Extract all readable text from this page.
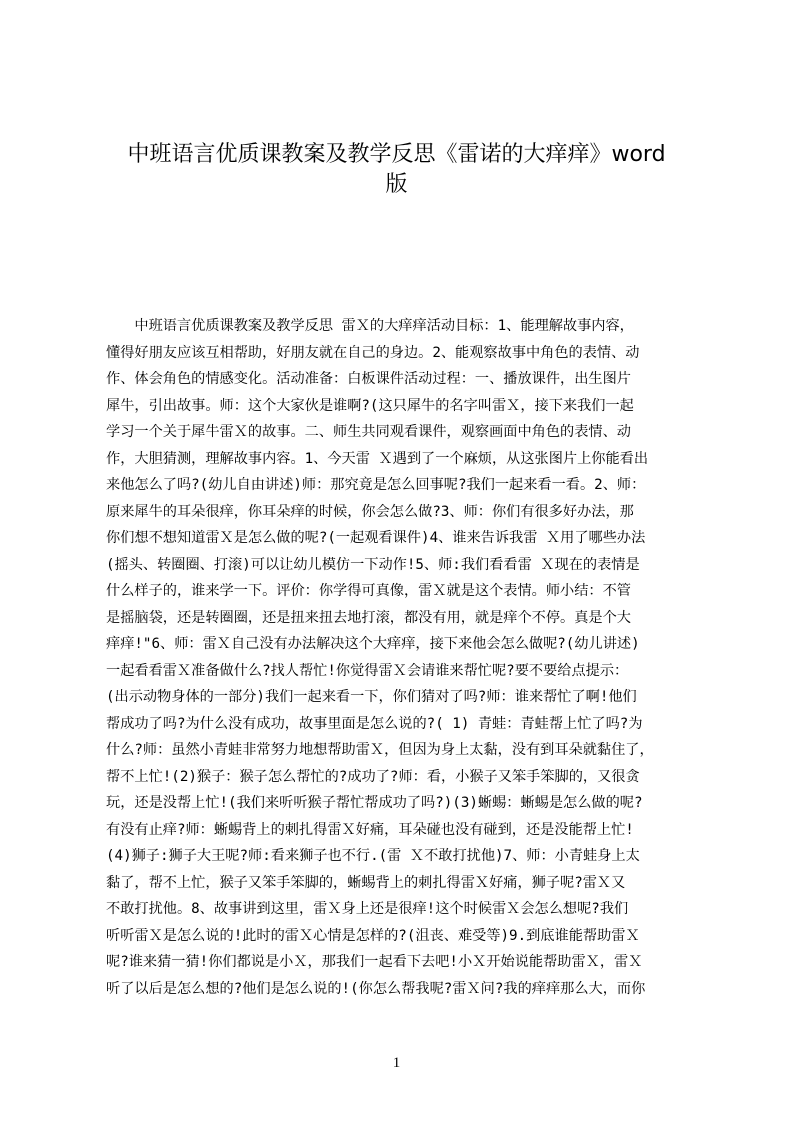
中班语言优质课教案及教学反思《雷诺的大痒痒》word
版
　　中班语言优质课教案及教学反思 雷Ｘ的大痒痒活动目标：1、能理解故事内容，
懂得好朋友应该互相帮助，好朋友就在自己的身边。2、能观察故事中角色的表情、动
作、体会角色的情感变化。活动准备：白板课件活动过程：一、播放课件，出生图片
犀牛，引出故事。师：这个大家伙是谁啊?(这只犀牛的名字叫雷Ｘ，接下来我们一起
学习一个关于犀牛雷Ｘ的故事。二、师生共同观看课件，观察画面中角色的表情、动
作，大胆猜测，理解故事内容。1、今天雷 Ｘ遇到了一个麻烦，从这张图片上你能看出
来他怎么了吗?(幼儿自由讲述)师：那究竟是怎么回事呢?我们一起来看一看。2、师：
原来犀牛的耳朵很痒，你耳朵痒的时候，你会怎么做?3、师：你们有很多好办法，那
你们想不想知道雷Ｘ是怎么做的呢?(一起观看课件)4、谁来告诉我雷 Ｘ用了哪些办法
(摇头、转圈圈、打滚)可以让幼儿模仿一下动作!5、师:我们看看雷 Ｘ现在的表情是
什么样子的，谁来学一下。评价：你学得可真像，雷Ｘ就是这个表情。师小结：不管
是摇脑袋，还是转圈圈，还是扭来扭去地打滚，都没有用，就是痒个不停。真是个大
痒痒!"6、师：雷Ｘ自己没有办法解决这个大痒痒，接下来他会怎么做呢?(幼儿讲述)
一起看看雷Ｘ准备做什么?找人帮忙!你觉得雷Ｘ会请谁来帮忙呢?要不要给点提示：
(出示动物身体的一部分)我们一起来看一下，你们猜对了吗?师：谁来帮忙了啊!他们
帮成功了吗?为什么没有成功，故事里面是怎么说的?( 1) 青蛙：青蛙帮上忙了吗?为
什么?师：虽然小青蛙非常努力地想帮助雷Ｘ，但因为身上太黏，没有到耳朵就黏住了，
帮不上忙!(2)猴子：猴子怎么帮忙的?成功了?师：看，小猴子又笨手笨脚的，又很贪
玩，还是没帮上忙!(我们来听听猴子帮忙帮成功了吗?)(3)蜥蜴：蜥蜴是怎么做的呢?
有没有止痒?师：蜥蜴背上的刺扎得雷Ｘ好痛，耳朵碰也没有碰到，还是没能帮上忙!
(4)狮子:狮子大王呢?师:看来狮子也不行.(雷 Ｘ不敢打扰他)7、师：小青蛙身上太
黏了，帮不上忙，猴子又笨手笨脚的，蜥蜴背上的刺扎得雷Ｘ好痛，狮子呢?雷Ｘ又
不敢打扰他。8、故事讲到这里，雷Ｘ身上还是很痒!这个时候雷Ｘ会怎么想呢?我们
听听雷Ｘ是怎么说的!此时的雷Ｘ心情是怎样的?(沮丧、难受等)9.到底谁能帮助雷Ｘ
呢?谁来猜一猜!你们都说是小Ｘ，那我们一起看下去吧!小Ｘ开始说能帮助雷Ｘ，雷Ｘ
听了以后是怎么想的?他们是怎么说的!(你怎么帮我呢?雷Ｘ问?我的痒痒那么大，而你
1
